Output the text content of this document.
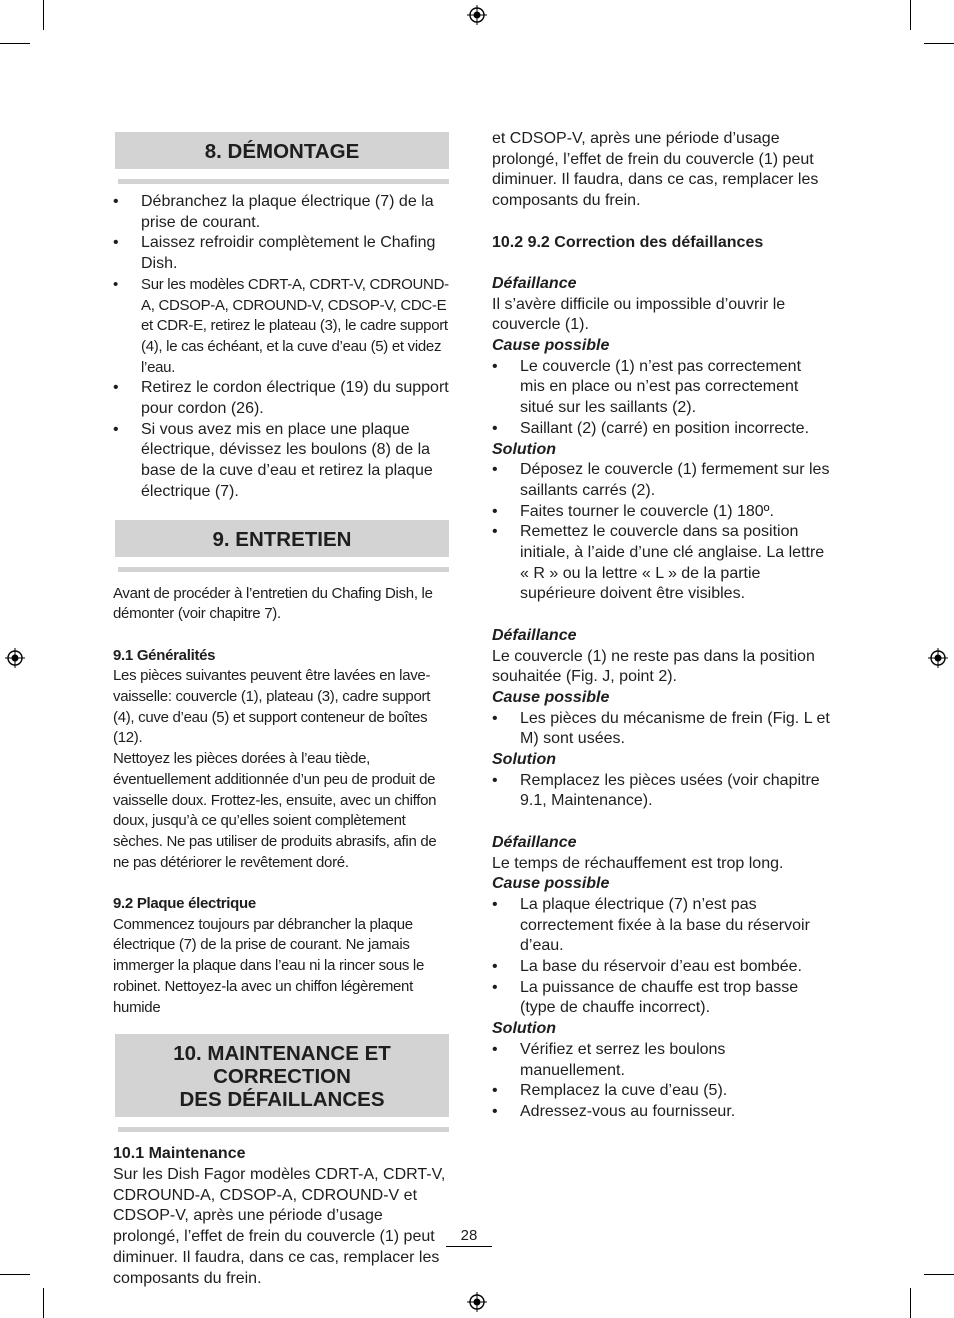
8. DÉMONTAGE
• Débranchez la plaque électrique (7) de la prise de courant.
• Laissez refroidir complètement le Chafing Dish.
• Sur les modèles CDRT-A, CDRT-V, CDROUND-A, CDSOP-A, CDROUND-V, CDSOP-V, CDC-E et CDR-E, retirez le plateau (3), le cadre support (4), le cas échéant, et la cuve d’eau (5) et videz l’eau.
• Retirez le cordon électrique (19) du support pour cordon (26).
• Si vous avez mis en place une plaque électrique, dévissez les boulons (8) de la base de la cuve d’eau et retirez la plaque électrique (7).
9. ENTRETIEN
Avant de procéder à l’entretien du Chafing Dish, le démonter (voir chapitre 7).
9.1 Généralités
Les pièces suivantes peuvent être lavées en lave-vaisselle: couvercle (1), plateau (3), cadre support (4), cuve d’eau (5) et support conteneur de boîtes (12).
Nettoyez les pièces dorées à l’eau tiède, éventuellement additionnée d’un peu de produit de vaisselle doux. Frottez-les, ensuite, avec un chiffon doux, jusqu’à ce qu’elles soient complètement sèches. Ne pas utiliser de produits abrasifs, afin de ne pas détériorer le revêtement doré.
9.2 Plaque électrique
Commencez toujours par débrancher la plaque électrique (7) de la prise de courant. Ne jamais immerger la plaque dans l’eau ni la rincer sous le robinet. Nettoyez-la avec un chiffon légèrement humide
10. MAINTENANCE ET CORRECTION
DES DÉFAILLANCES
10.1 Maintenance
Sur les Dish Fagor modèles CDRT-A, CDRT-V, CDROUND-A, CDSOP-A, CDROUND-V et CDSOP-V, après une période d’usage prolongé, l’effet de frein du couvercle (1) peut diminuer. Il faudra, dans ce cas, remplacer les composants du frein.
et CDSOP-V, après une période d’usage prolongé, l’effet de frein du couvercle (1) peut diminuer. Il faudra, dans ce cas, remplacer les composants du frein.
10.2 9.2 Correction des défaillances
Défaillance
Il s’avère difficile ou impossible d’ouvrir le couvercle (1).
Cause possible
• Le couvercle (1) n’est pas correctement mis en place ou n’est pas correctement situé sur les saillants (2).
• Saillant (2) (carré) en position incorrecte.
Solution
• Déposez le couvercle (1) fermement sur les saillants carrés (2).
• Faites tourner le couvercle (1) 180º.
• Remettez le couvercle dans sa position initiale, à l’aide d’une clé anglaise. La lettre « R » ou la lettre « L » de la partie supérieure doivent être visibles.
Défaillance
Le couvercle (1) ne reste pas dans la position souhaitée (Fig. J, point 2).
Cause possible
• Les pièces du mécanisme de frein (Fig. L et M) sont usées.
Solution
• Remplacez les pièces usées (voir chapitre 9.1, Maintenance).
Défaillance
Le temps de réchauffement est trop long.
Cause possible
• La plaque électrique (7) n’est pas correctement fixée à la base du réservoir d’eau.
• La base du réservoir d’eau est bombée.
• La puissance de chauffe est trop basse (type de chauffe incorrect).
Solution
• Vérifiez et serrez les boulons manuellement.
• Remplacez la cuve d’eau (5).
• Adressez-vous au fournisseur.
28
